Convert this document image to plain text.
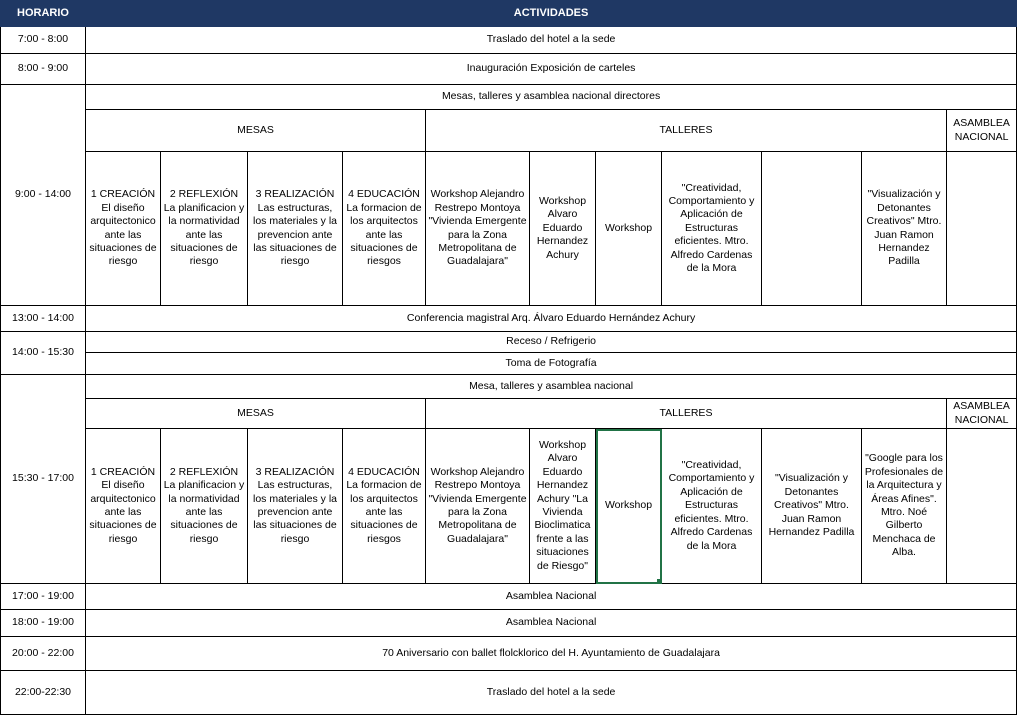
HORARIO	ACTIVIDADES										
7:00 - 8:00	Traslado del hotel a la sede										
8:00 - 9:00	Inauguración Exposición de carteles										
9:00 - 14:00	Mesas, talleres y asamblea nacional directores										
	MESAS				TALLERES						ASAMBLEA NACIONAL
	1 CREACIÓN El diseño arquitectonico ante las situaciones de riesgo	2 REFLEXIÓN La planificacion y la normatividad ante las situaciones de riesgo	3 REALIZACIÓN Las estructuras, los materiales y la prevencion ante las situaciones de riesgo	4 EDUCACIÓN La formacion de los arquitectos ante las situaciones de riesgos	Workshop Alejandro Restrepo Montoya "Vivienda Emergente para la Zona Metropolitana de Guadalajara"	Workshop Alvaro Eduardo Hernandez Achury	Workshop	"Creatividad, Comportamiento y Aplicación de Estructuras eficientes. Mtro. Alfredo Cardenas de la Mora		"Visualización y Detonantes Creativos" Mtro. Juan Ramon Hernandez Padilla	
13:00 - 14:00	Conferencia magistral Arq. Álvaro Eduardo Hernández Achury										
14:00 - 15:30	Receso / Refrigerio										
	Toma de Fotografía										
15:30 - 17:00	Mesa, talleres y asamblea nacional										
	MESAS				TALLERES						ASAMBLEA NACIONAL
	1 CREACIÓN El diseño arquitectonico ante las situaciones de riesgo	2 REFLEXIÓN La planificacion y la normatividad ante las situaciones de riesgo	3 REALIZACIÓN Las estructuras, los materiales y la prevencion ante las situaciones de riesgo	4 EDUCACIÓN La formacion de los arquitectos ante las situaciones de riesgos	Workshop Alejandro Restrepo Montoya "Vivienda Emergente para la Zona Metropolitana de Guadalajara"	Workshop Alvaro Eduardo Hernandez Achury "La Vivienda Bioclimatica frente a las situaciones de Riesgo"	Workshop	"Creatividad, Comportamiento y Aplicación de Estructuras eficientes. Mtro. Alfredo Cardenas de la Mora	"Visualización y Detonantes Creativos" Mtro. Juan Ramon Hernandez Padilla	"Google para los Profesionales de la Arquitectura y Áreas Afines". Mtro. Noé Gilberto Menchaca de Alba.	
17:00 - 19:00	Asamblea Nacional										
18:00 - 19:00	Asamblea Nacional										
20:00 - 22:00	70 Aniversario con ballet flolcklorico del H. Ayuntamiento de Guadalajara										
22:00-22:30	Traslado del hotel a la sede										
